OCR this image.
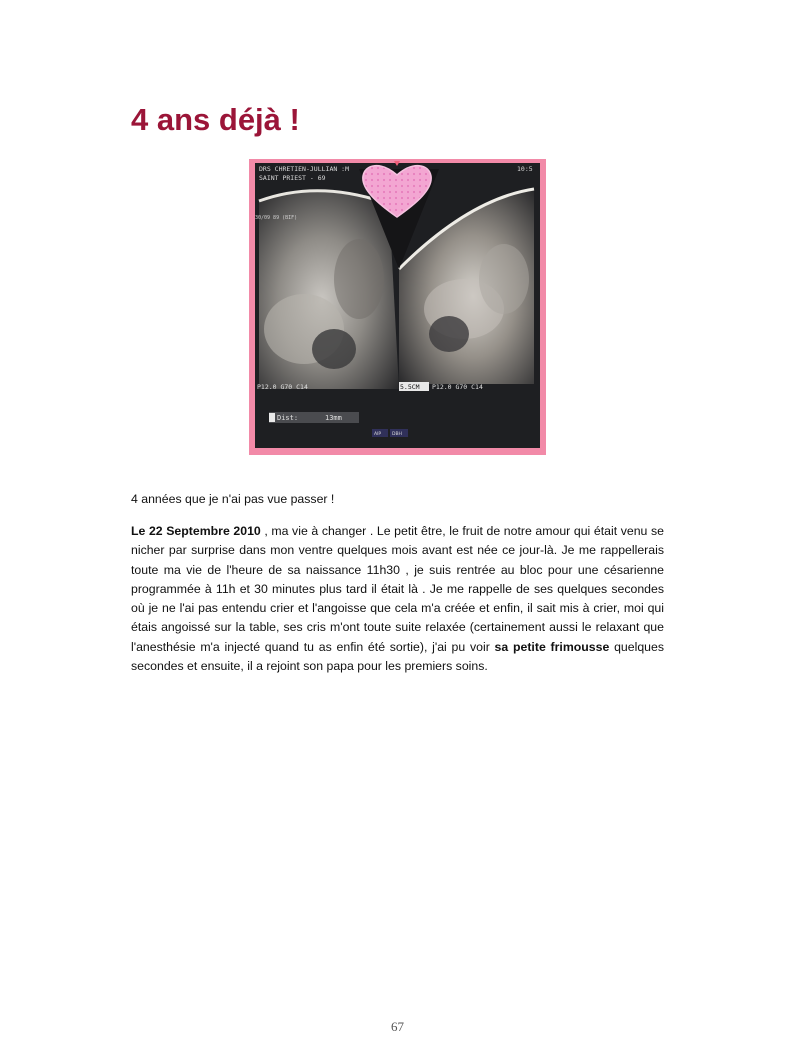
4 ans déjà !
DRS CHRETIEN-JULLIAN :M
SAINT PRIEST - 69
10:5
30/09 89 (BIF)
P12.0 G70 C14	5.5CM P12.0 G70 C14
Dist:	13mm
AIP DBH

4 années que je n'ai pas vue passer !

Le 22 Septembre 2010 , ma vie à changer . Le petit être, le fruit de notre amour qui était venu se nicher par surprise dans mon ventre quelques mois avant est née ce jour-là. Je me rappellerais toute ma vie de l'heure de sa naissance 11h30 , je suis rentrée au bloc pour une césarienne programmée à 11h et 30 minutes plus tard il était là . Je me rappelle de ses quelques secondes où je ne l'ai pas entendu crier et l'angoisse que cela m'a créée et enfin, il sait mis à crier, moi qui étais angoissé sur la table, ses cris m'ont toute suite relaxée (certainement aussi le relaxant que l'anesthésie m'a injecté quand tu as enfin été sortie), j'ai pu voir sa petite frimousse quelques secondes et ensuite, il a rejoint son papa pour les premiers soins.

67
